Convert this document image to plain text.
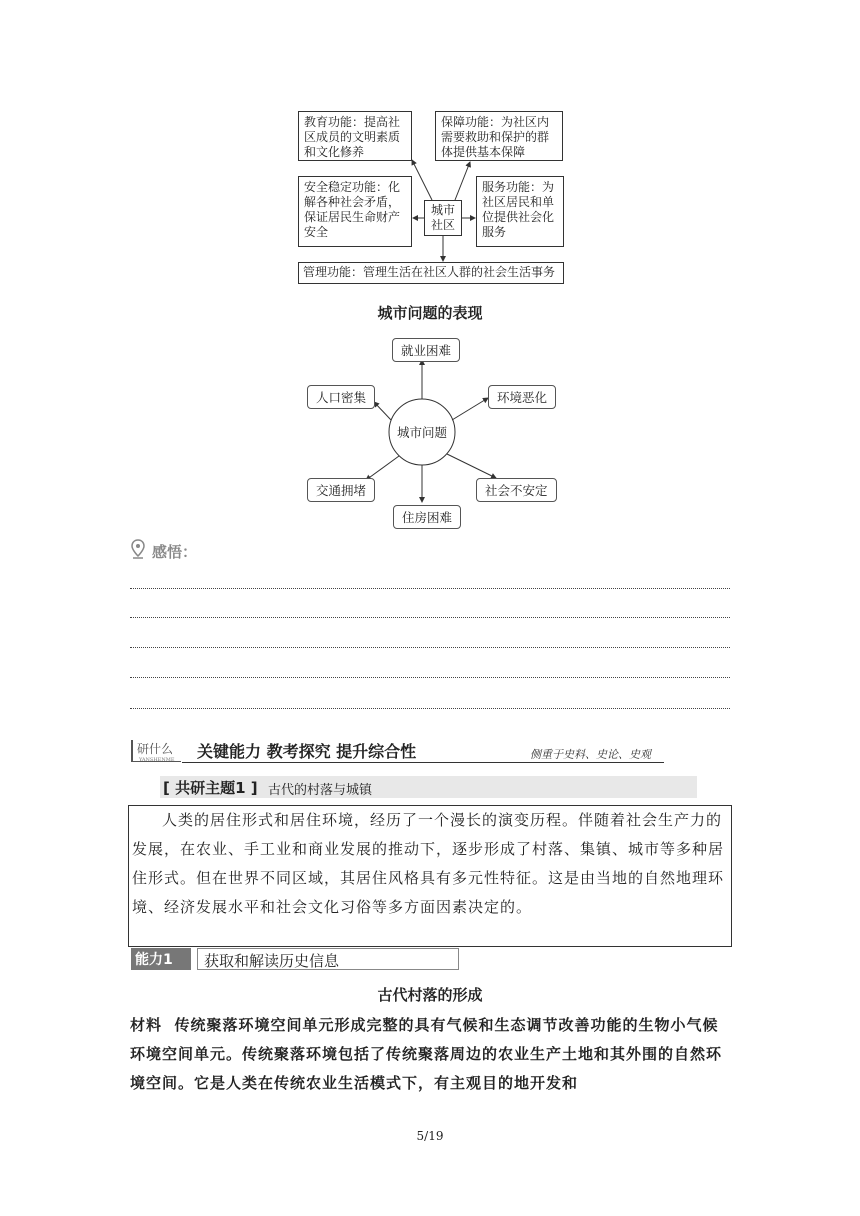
教育功能：提高社区成员的文明素质和文化修养
保障功能：为社区内需要救助和保护的群体提供基本保障
安全稳定功能：化解各种社会矛盾，保证居民生命财产安全
服务功能：为社区居民和单位提供社会化服务
城市
社区
管理功能：管理生活在社区人群的社会生活事务
城市问题的表现
城市问题
就业困难
人口密集	环境恶化
交通拥堵	社会不安定
住房困难
感悟：
研什么
YANSHENME	关键能力 教考探究 提升综合性	侧重于史料、史论、史观
[ 共研主题1 ] 古代的村落与城镇
人类的居住形式和居住环境，经历了一个漫长的演变历程。伴随着社会生产力的发展，在农业、手工业和商业发展的推动下，逐步形成了村落、集镇、城市等多种居住形式。但在世界不同区域，其居住风格具有多元性特征。这是由当地的自然地理环境、经济发展水平和社会文化习俗等多方面因素决定的。
能力1	获取和解读历史信息
古代村落的形成
材料 传统聚落环境空间单元形成完整的具有气候和生态调节改善功能的生物小气候环境空间单元。传统聚落环境包括了传统聚落周边的农业生产土地和其外围的自然环境空间。它是人类在传统农业生活模式下，有主观目的地开发和
5/19
